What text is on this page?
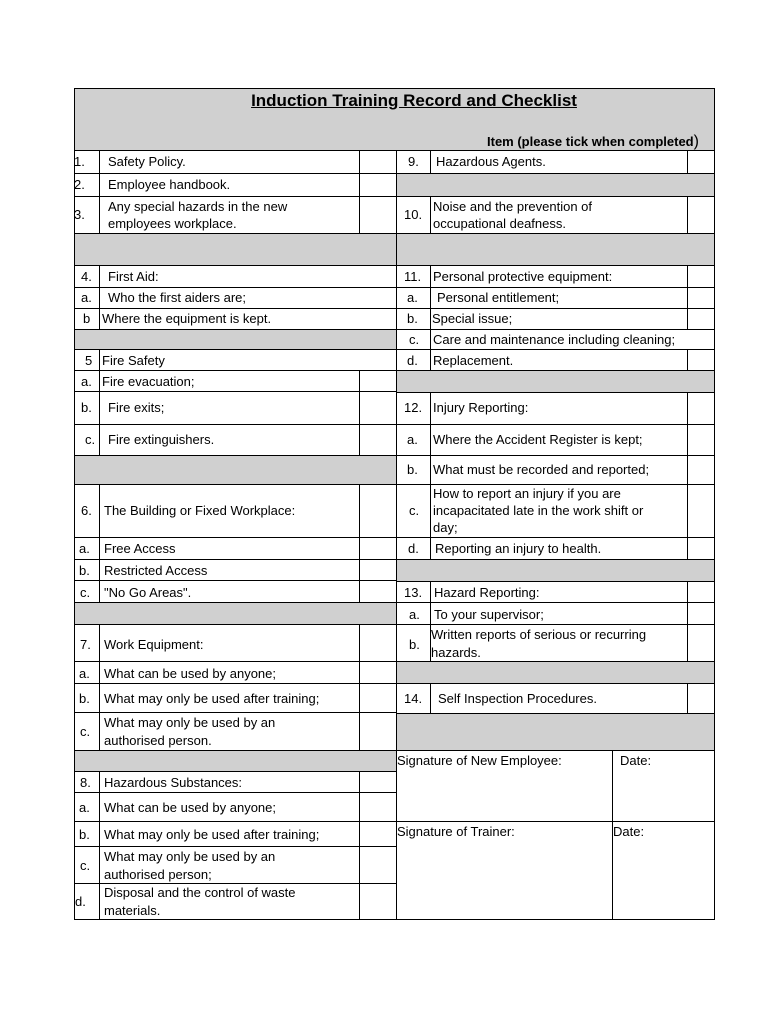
Induction Training Record and Checklist
Item (please tick when completed)
1. Safety Policy.
2. Employee handbook.
3.
Any special hazards in the new
employees workplace.
4. First Aid:
a. Who the first aiders are;
b Where the equipment is kept.
5 Fire Safety
a. Fire evacuation;
b. Fire exits;
c. Fire extinguishers.
6. The Building or Fixed Workplace:
a. Free Access
b. Restricted Access
c. "No Go Areas".
7. Work Equipment:
a. What can be used by anyone;
b. What may only be used after training;
c.
What may only be used by an
authorised person.
8. Hazardous Substances:
a. What can be used by anyone;
b. What may only be used after training;
c.
What may only be used by an
authorised person;
d.
Disposal and the control of waste
materials.
9. Hazardous Agents.
10.
Noise and the prevention of
occupational deafness.
11. Personal protective equipment:
a. Personal entitlement;
b. Special issue;
c. Care and maintenance including cleaning;
d. Replacement.
12. Injury Reporting:
a. Where the Accident Register is kept;
b. What must be recorded and reported;
c.
How to report an injury if you are
incapacitated late in the work shift or
day;
d. Reporting an injury to health.
13. Hazard Reporting:
a. To your supervisor;
b.
Written reports of serious or recurring
hazards.
14. Self Inspection Procedures.
Signature of New Employee:	Date:
Signature of Trainer:	Date:
